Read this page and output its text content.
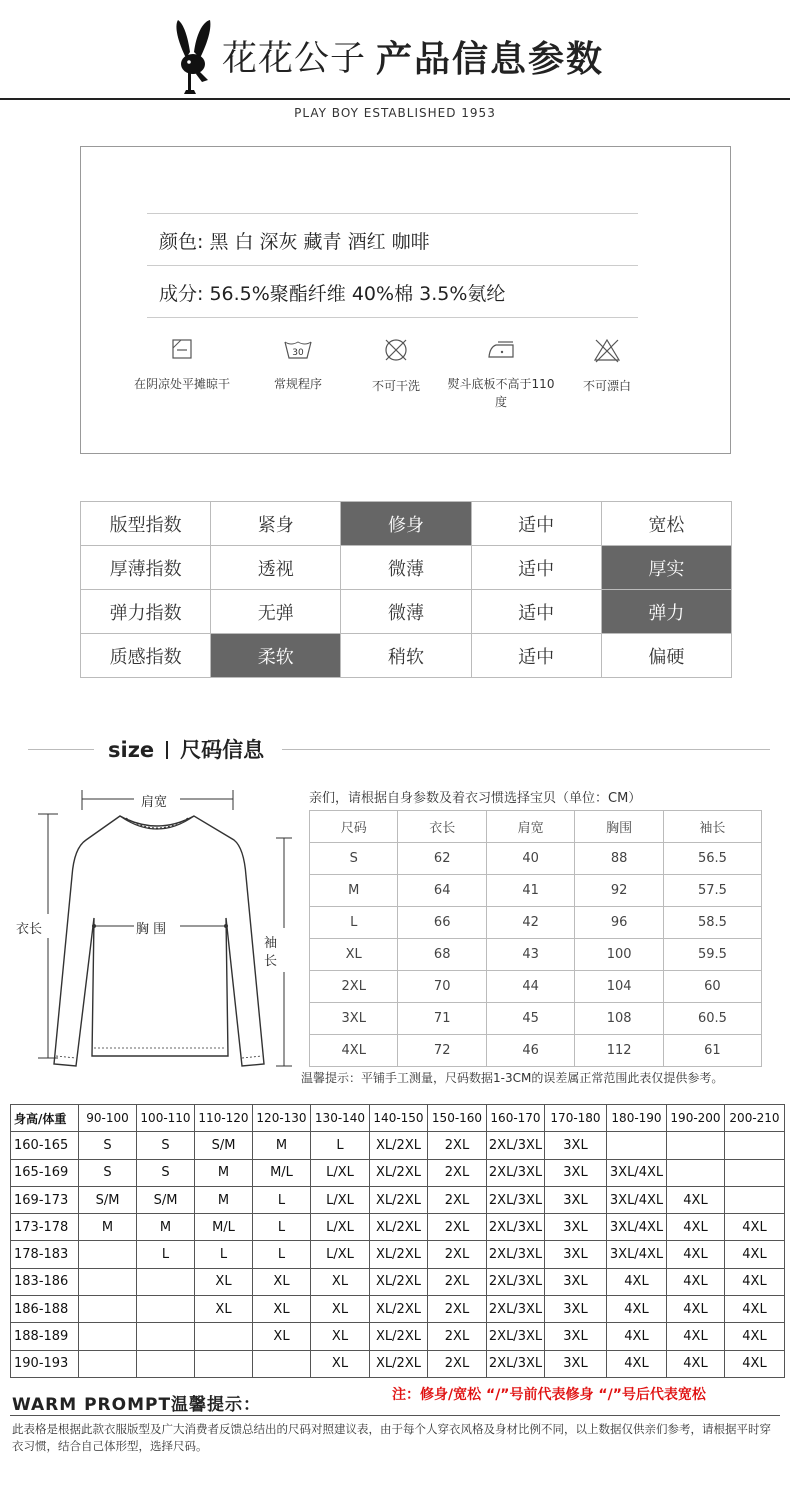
花花公子 产品信息参数
PLAY BOY ESTABLISHED 1953
颜色: 黑 白 深灰 藏青 酒红 咖啡
成分: 56.5%聚酯纤维 40%棉 3.5%氨纶
在阴凉处平摊晾干
30
常规程序	不可干洗	熨斗底板不高于110度
不可漂白
版型指数	紧身	修身	适中	宽松
厚薄指数	透视	微薄	适中	厚实
弹力指数	无弹	微薄	适中	弹力
质感指数	柔软	稍软	适中	偏硬
size 尺码信息
肩宽
胸 围
衣长
袖
长
亲们，请根据自身参数及着衣习惯选择宝贝（单位：CM）
尺码	衣长	肩宽	胸围	袖长
S	62	40	88	56.5
M	64	41	92	57.5
L	66	42	96	58.5
XL	68	43	100	59.5
2XL	70	44	104	60
3XL	71	45	108	60.5
4XL	72	46	112	61
温馨提示：平铺手工测量，尺码数据1-3CM的误差属正常范围此表仅提供参考。
身高/体重	90-100	100-110	110-120	120-130	130-140	140-150	150-160	160-170	170-180	180-190	190-200	200-210
160-165	S	S	S/M	M	L	XL/2XL	2XL	2XL/3XL	3XL			
165-169	S	S	M	M/L	L/XL	XL/2XL	2XL	2XL/3XL	3XL	3XL/4XL		
169-173	S/M	S/M	M	L	L/XL	XL/2XL	2XL	2XL/3XL	3XL	3XL/4XL	4XL	
173-178	M	M	M/L	L	L/XL	XL/2XL	2XL	2XL/3XL	3XL	3XL/4XL	4XL	4XL
178-183		L	L	L	L/XL	XL/2XL	2XL	2XL/3XL	3XL	3XL/4XL	4XL	4XL
183-186			XL	XL	XL	XL/2XL	2XL	2XL/3XL	3XL	4XL	4XL	4XL
186-188			XL	XL	XL	XL/2XL	2XL	2XL/3XL	3XL	4XL	4XL	4XL
188-189				XL	XL	XL/2XL	2XL	2XL/3XL	3XL	4XL	4XL	4XL
190-193					XL	XL/2XL	2XL	2XL/3XL	3XL	4XL	4XL	4XL
WARM PROMPT温馨提示：	注：修身/宽松 “/”号前代表修身 “/”号后代表宽松
此表格是根据此款衣服版型及广大消费者反馈总结出的尺码对照建议表，由于每个人穿衣风格及身材比例不同，以上数据仅供亲们参考，请根据平时穿衣习惯，结合自己体形型，选择尺码。
